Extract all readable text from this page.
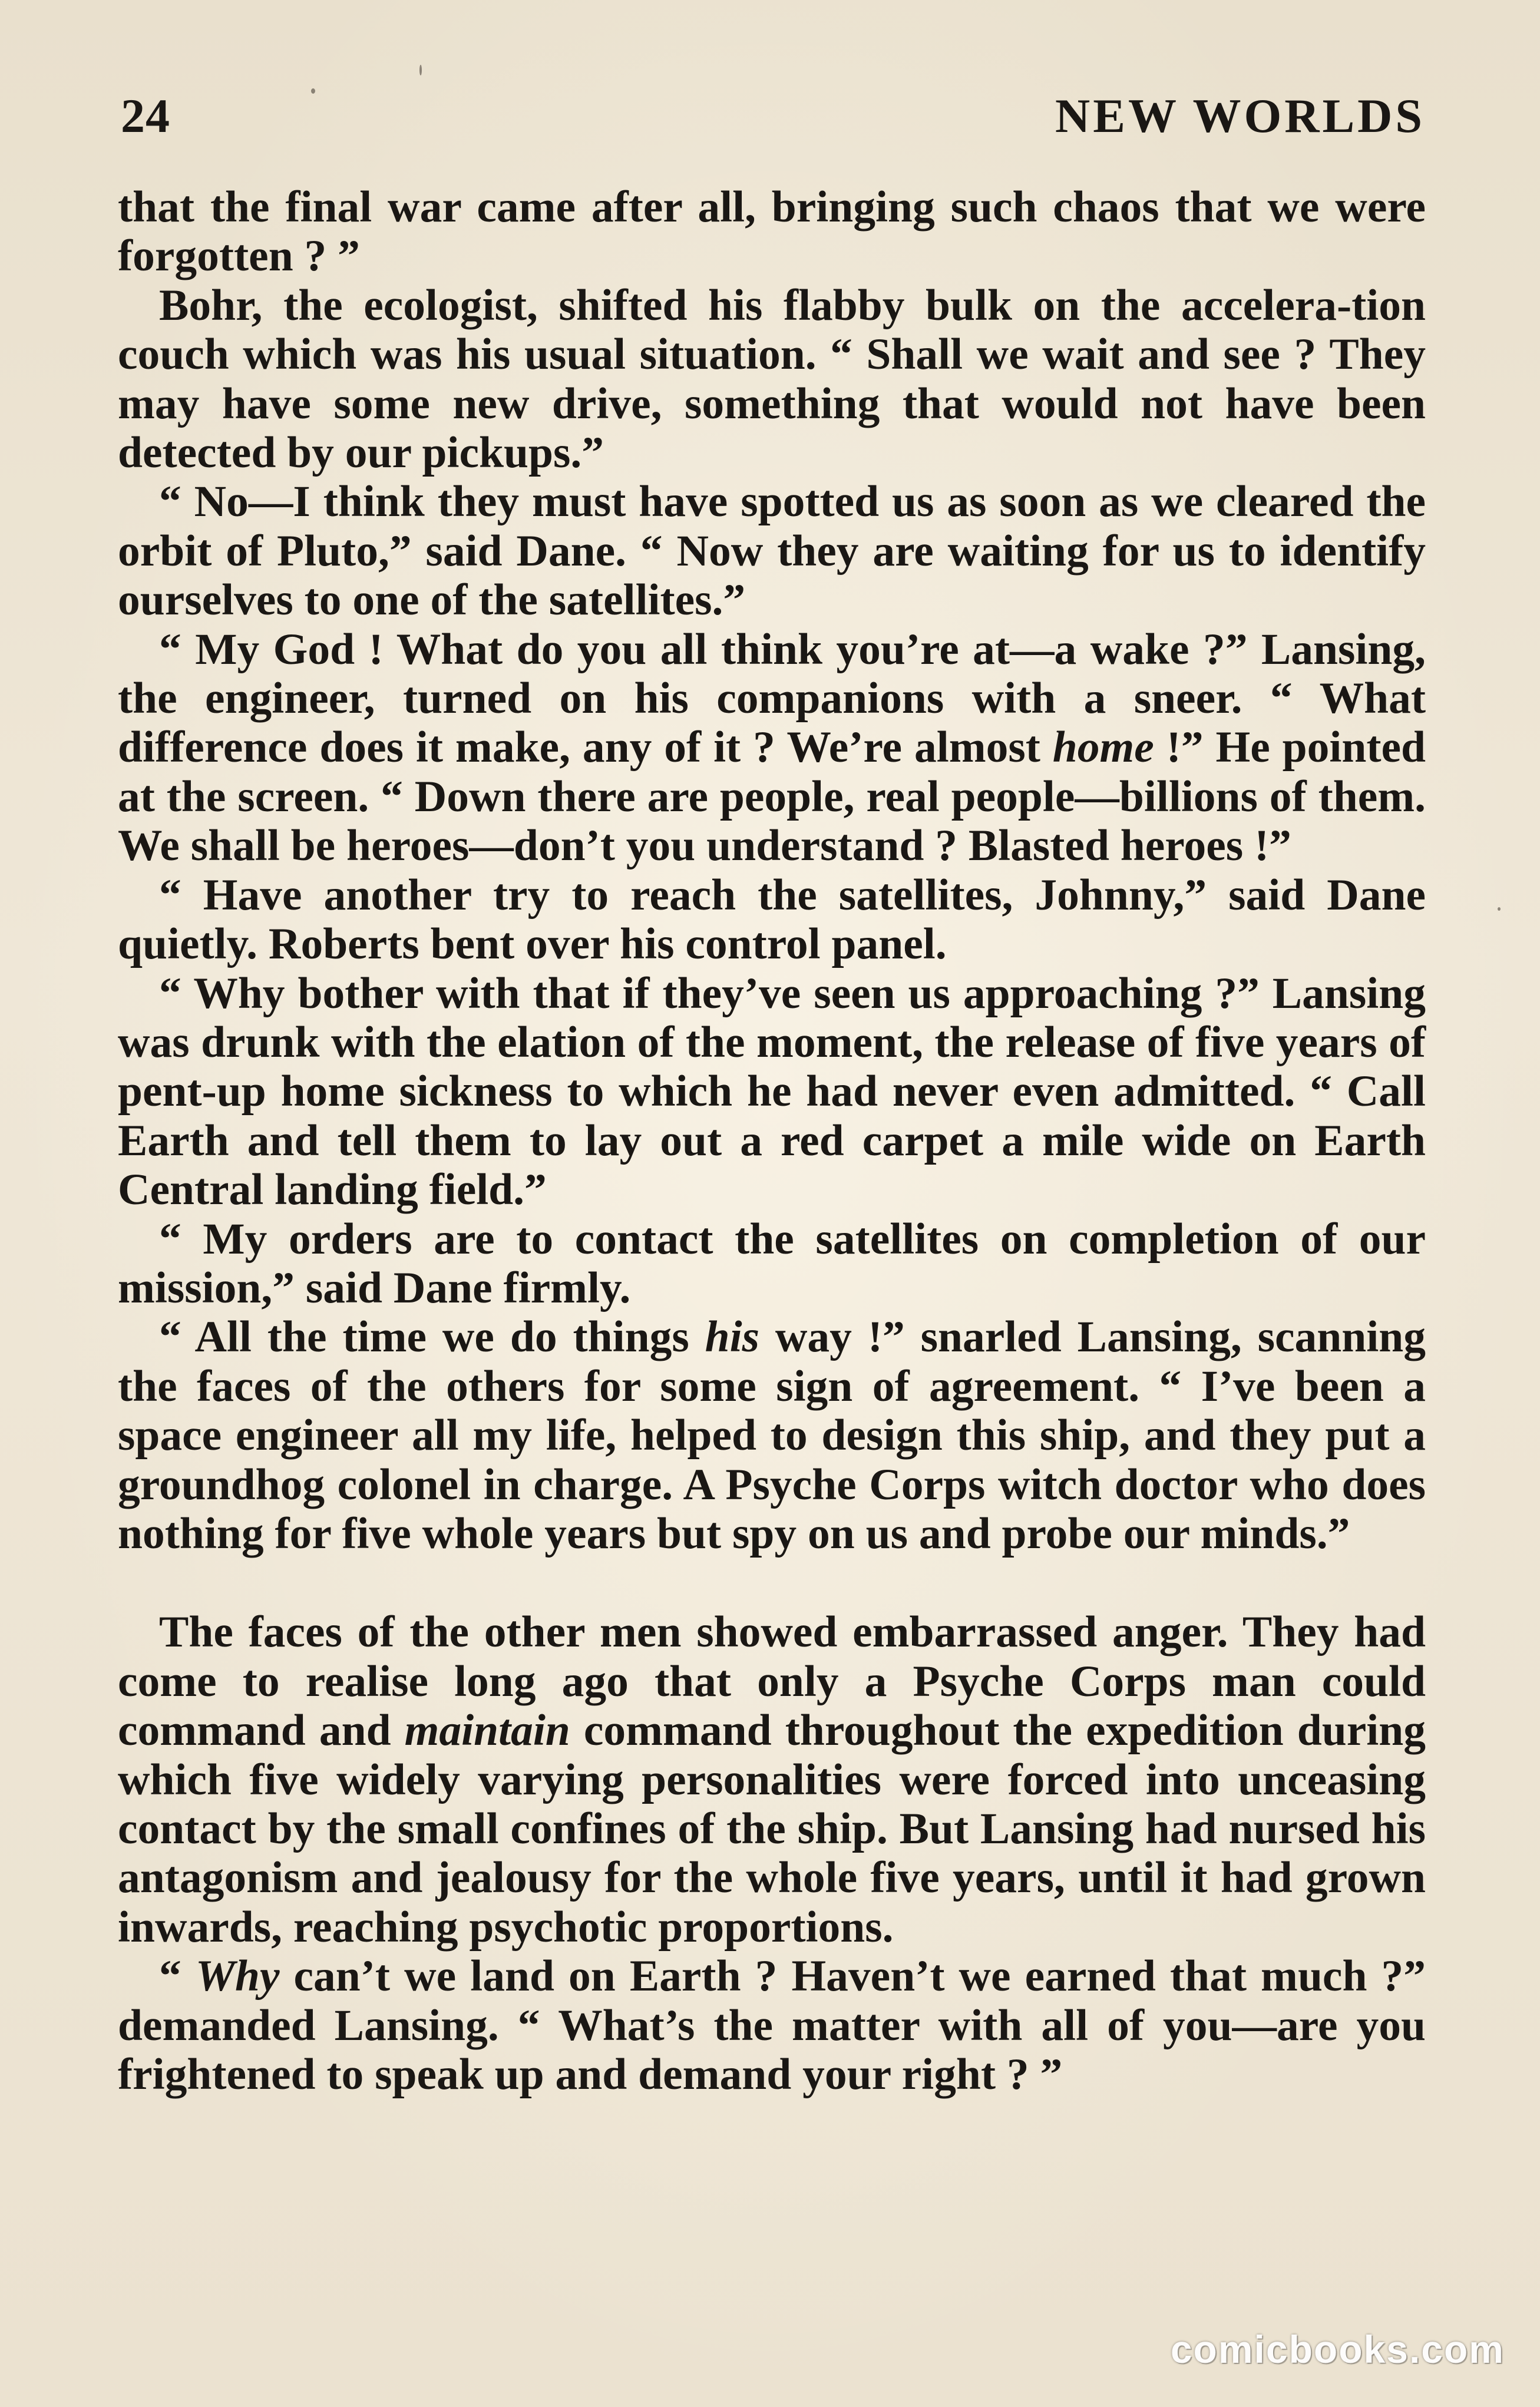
24	NEW WORLDS

that the final war came after all, bringing such chaos that we were forgotten ? ”

Bohr, the ecologist, shifted his flabby bulk on the accelera-tion couch which was his usual situation. “ Shall we wait and see ? They may have some new drive, something that would not have been detected by our pickups.”

“ No—I think they must have spotted us as soon as we cleared the orbit of Pluto,” said Dane. “ Now they are waiting for us to identify ourselves to one of the satellites.”

“ My God ! What do you all think you’re at—a wake ?” Lansing, the engineer, turned on his companions with a sneer. “ What difference does it make, any of it ? We’re almost home !” He pointed at the screen. “ Down there are people, real people—billions of them. We shall be heroes—don’t you understand ? Blasted heroes !”

“ Have another try to reach the satellites, Johnny,” said Dane quietly. Roberts bent over his control panel.

“ Why bother with that if they’ve seen us approaching ?” Lansing was drunk with the elation of the moment, the release of five years of pent-up home sickness to which he had never even admitted. “ Call Earth and tell them to lay out a red carpet a mile wide on Earth Central landing field.”

“ My orders are to contact the satellites on completion of our mission,” said Dane firmly.

“ All the time we do things his way !” snarled Lansing, scanning the faces of the others for some sign of agreement. “ I’ve been a space engineer all my life, helped to design this ship, and they put a groundhog colonel in charge. A Psyche Corps witch doctor who does nothing for five whole years but spy on us and probe our minds.”

The faces of the other men showed embarrassed anger. They had come to realise long ago that only a Psyche Corps man could command and maintain command throughout the expedition during which five widely varying personalities were forced into unceasing contact by the small confines of the ship. But Lansing had nursed his antagonism and jealousy for the whole five years, until it had grown inwards, reaching psychotic proportions.

“ Why can’t we land on Earth ? Haven’t we earned that much ?” demanded Lansing. “ What’s the matter with all of you—are you frightened to speak up and demand your right ? ”

comicbooks.com
